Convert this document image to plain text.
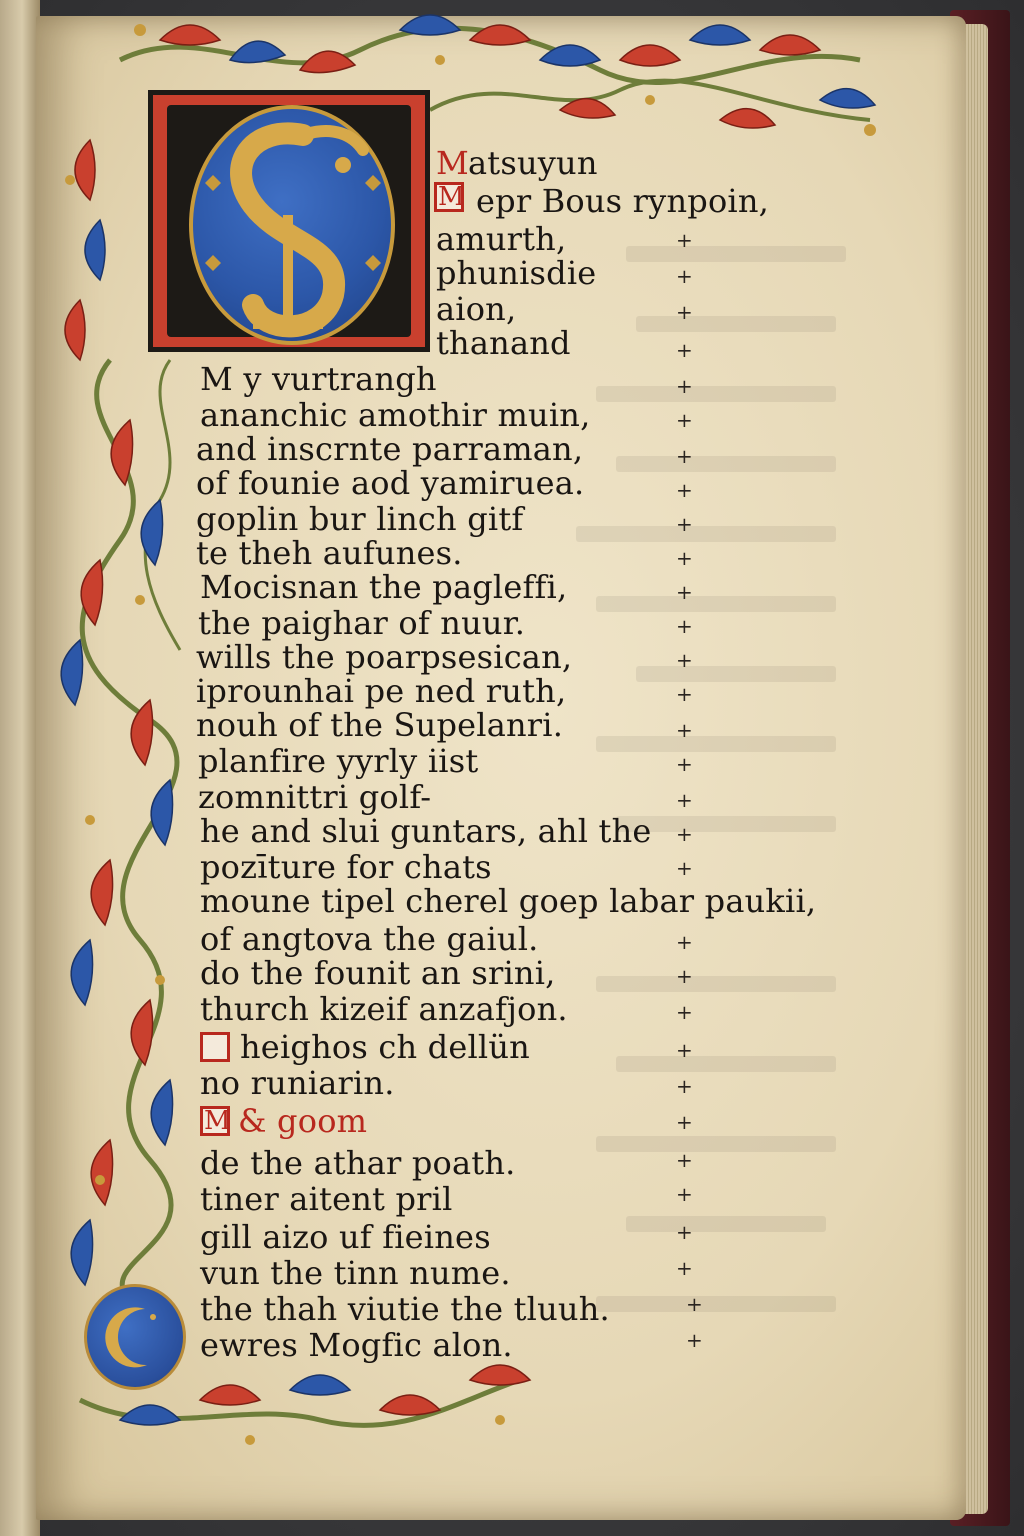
M atsuyun
M epr Bous rynpoin,
amurth,
phunisdie
aion,
thanand
M y vurtrangh
ananchic amothir muin,
and inscrnte parraman,
of founie aod yamiruea.
goplin bur linch gitf
te theh aufunes.
Mocisnan the pagleffi,
the paighar of nuur.
wills the poarpsesican,
iprounhai pe ned ruth,
nouh of the Supelanri.
planfire yyrly iist
zomnittri golf-
he and slui guntars, ahl the
pozīture for chats
moune tipel cherel goep labar paukii,
of angtova the gaiul.
do the founit an srini,
thurch kizeif anzafjon.
heighos ch dellün
no runiarin.
M & goom
de the athar poath.
tiner aitent pril
gill aizo uf fieines
vun the tinn nume.
the thah viutie the tluuh.
ewres Mogfic alon.
+
+
+
+
+
+
+
+
+
+
+
+
+
+
+
+
+
+
+
+
+
+
+
+
+
+
+
+
+
+
+
